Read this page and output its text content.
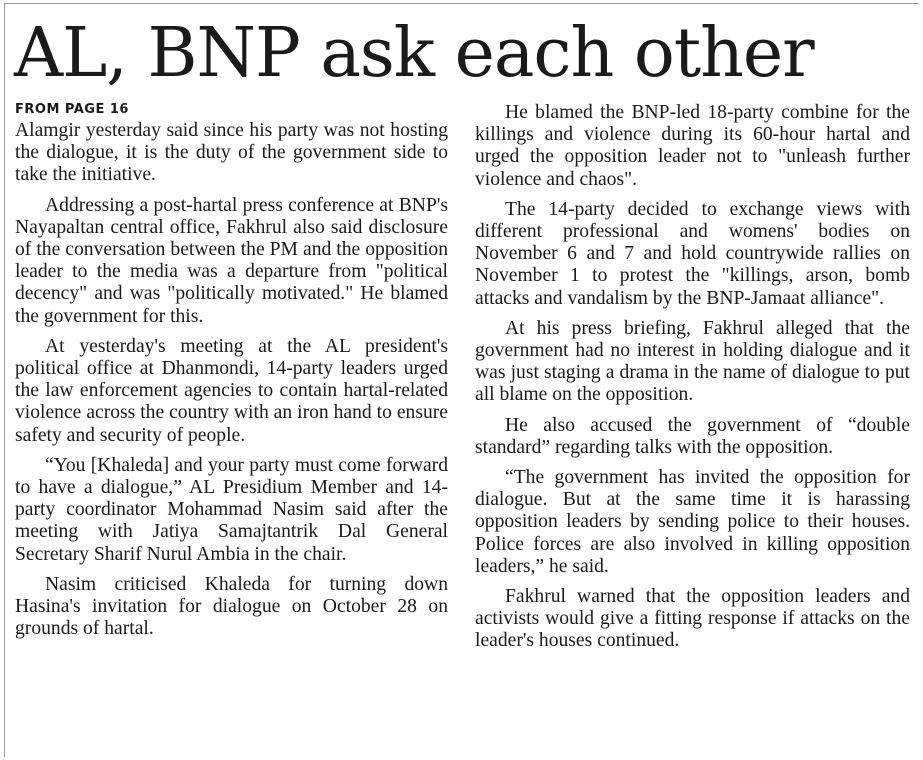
AL, BNP ask each other

FROM PAGE 16

Alamgir yesterday said since his party was not hosting the dialogue, it is the duty of the government side to take the initiative.

Addressing a post-hartal press conference at BNP's Nayapaltan central office, Fakhrul also said disclosure of the conversation between the PM and the opposition leader to the media was a departure from "political decency" and was "politically motivated." He blamed the government for this.

At yesterday's meeting at the AL president's political office at Dhanmondi, 14-party leaders urged the law enforcement agencies to contain hartal-related violence across the country with an iron hand to ensure safety and security of people.

“You [Khaleda] and your party must come forward to have a dialogue,” AL Presidium Member and 14-party coordinator Mohammad Nasim said after the meeting with Jatiya Samajtantrik Dal General Secretary Sharif Nurul Ambia in the chair.

Nasim criticised Khaleda for turning down Hasina's invitation for dialogue on October 28 on grounds of hartal.

He blamed the BNP-led 18-party combine for the killings and violence during its 60-hour hartal and urged the opposition leader not to "unleash further violence and chaos".

The 14-party decided to exchange views with different professional and womens' bodies on November 6 and 7 and hold countrywide rallies on November 1 to protest the "killings, arson, bomb attacks and vandalism by the BNP-Jamaat alliance".

At his press briefing, Fakhrul alleged that the government had no interest in holding dialogue and it was just staging a drama in the name of dialogue to put all blame on the opposition.

He also accused the government of “double standard” regarding talks with the opposition.

“The government has invited the opposition for dialogue. But at the same time it is harassing opposition leaders by sending police to their houses. Police forces are also involved in killing opposition leaders,” he said.

Fakhrul warned that the opposition leaders and activists would give a fitting response if attacks on the leader's houses continued.
